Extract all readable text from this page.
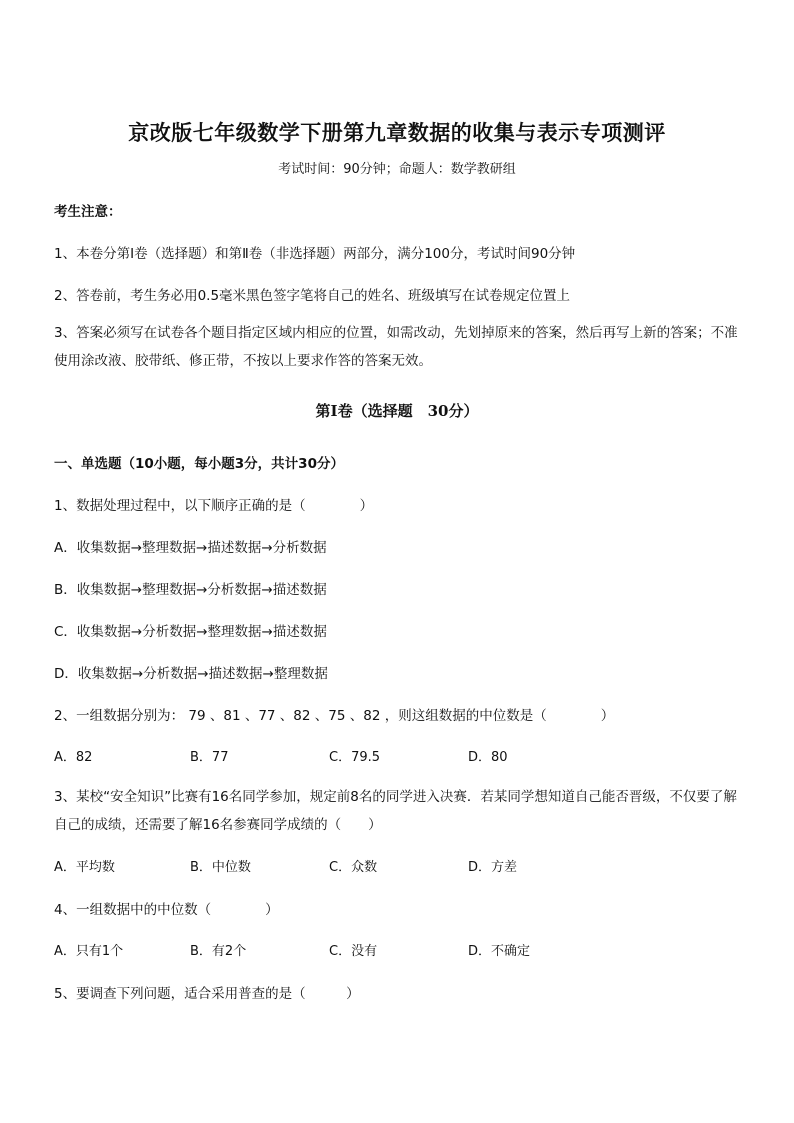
京改版七年级数学下册第九章数据的收集与表示专项测评
考试时间：90分钟；命题人：数学教研组
考生注意：
1、本卷分第Ⅰ卷（选择题）和第Ⅱ卷（非选择题）两部分，满分100分，考试时间90分钟
2、答卷前，考生务必用0.5毫米黑色签字笔将自己的姓名、班级填写在试卷规定位置上
3、答案必须写在试卷各个题目指定区域内相应的位置，如需改动，先划掉原来的答案，然后再写上新的答案；不准使用涂改液、胶带纸、修正带，不按以上要求作答的答案无效。
第Ⅰ卷（选择题　30分）
一、单选题（10小题，每小题3分，共计30分）
1、数据处理过程中，以下顺序正确的是（　　　　）
A．收集数据→整理数据→描述数据→分析数据
B．收集数据→整理数据→分析数据→描述数据
C．收集数据→分析数据→整理数据→描述数据
D．收集数据→分析数据→描述数据→整理数据
2、一组数据分别为： 79 、81 、77 、82 、75 、82 ，则这组数据的中位数是（　　　　）
A．82	B．77	C．79.5	D．80
3、某校“安全知识”比赛有16名同学参加，规定前8名的同学进入决赛．若某同学想知道自己能否晋级，不仅要了解自己的成绩，还需要了解16名参赛同学成绩的（　　）
A．平均数	B．中位数	C．众数	D．方差
4、一组数据中的中位数（　　　　）
A．只有1个	B．有2个	C．没有	D．不确定
5、要调查下列问题，适合采用普查的是（　　　）
